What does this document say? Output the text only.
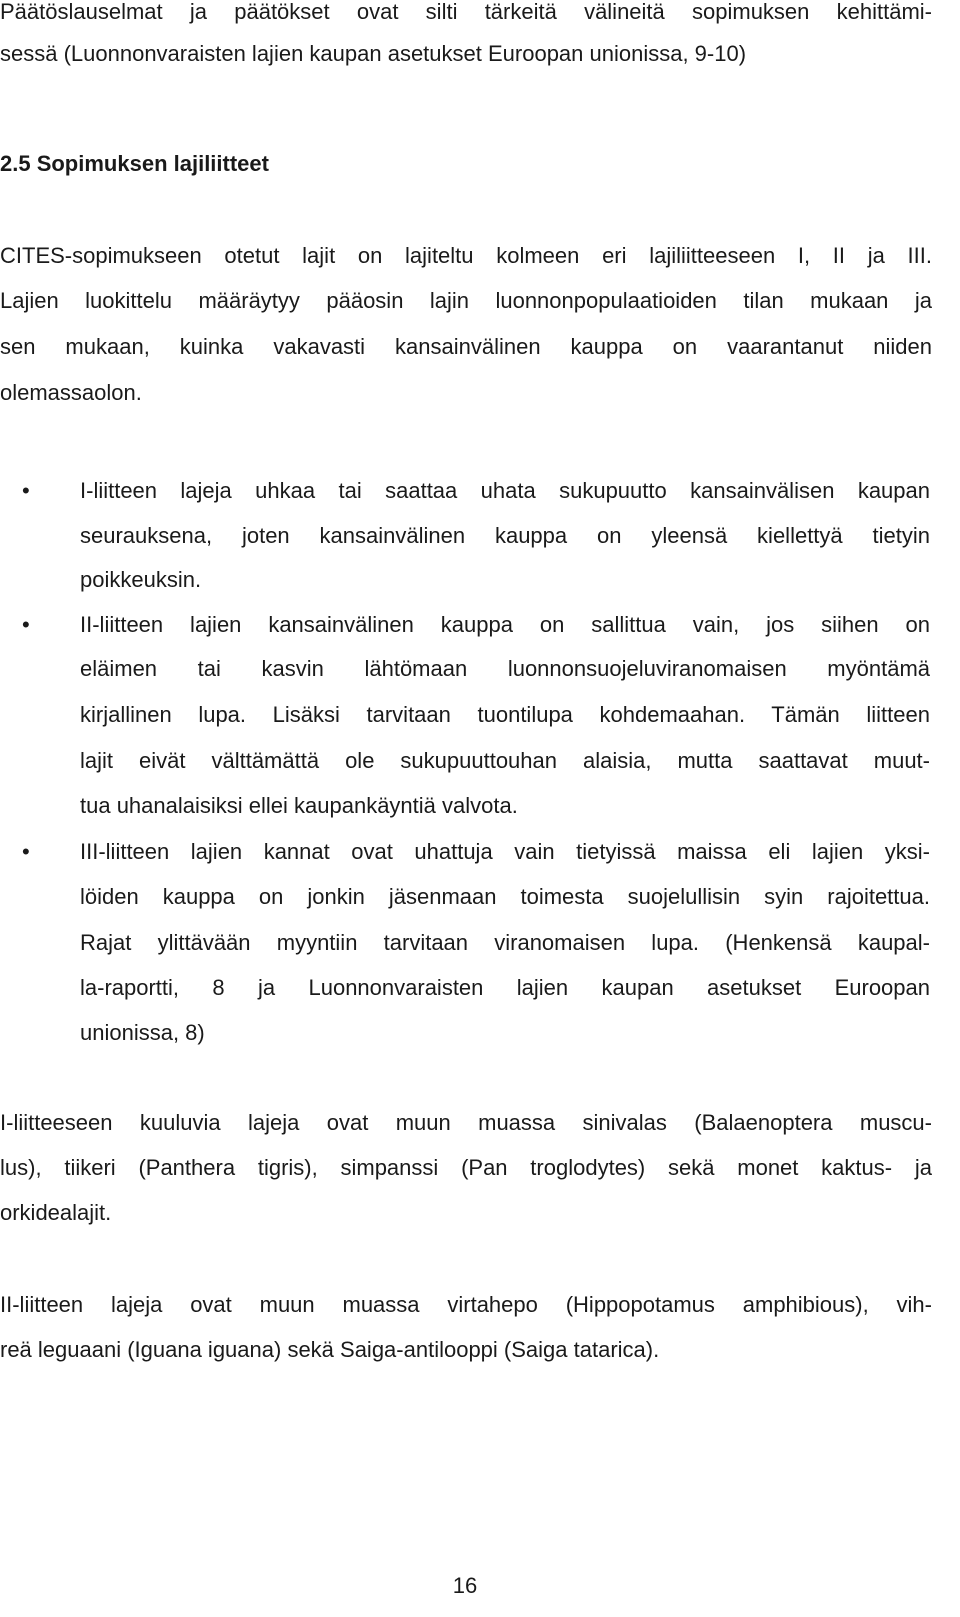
Päätöslauselmat ja päätökset ovat silti tärkeitä välineitä sopimuksen kehittämi-
sessä (Luonnonvaraisten lajien kaupan asetukset Euroopan unionissa, 9-10)
2.5 Sopimuksen lajiliitteet
CITES-sopimukseen otetut lajit on lajiteltu kolmeen eri lajiliitteeseen I, II ja III.
Lajien luokittelu määräytyy pääosin lajin luonnonpopulaatioiden tilan mukaan ja
sen mukaan, kuinka vakavasti kansainvälinen kauppa on vaarantanut niiden
olemassaolon.
•	I-liitteen lajeja uhkaa tai saattaa uhata sukupuutto kansainvälisen kaupan
seurauksena, joten kansainvälinen kauppa on yleensä kiellettyä tietyin
poikkeuksin.
•	II-liitteen lajien kansainvälinen kauppa on sallittua vain, jos siihen on
eläimen tai kasvin lähtömaan luonnonsuojeluviranomaisen myöntämä
kirjallinen lupa. Lisäksi tarvitaan tuontilupa kohdemaahan. Tämän liitteen
lajit eivät välttämättä ole sukupuuttouhan alaisia, mutta saattavat muut-
tua uhanalaisiksi ellei kaupankäyntiä valvota.
•	III-liitteen lajien kannat ovat uhattuja vain tietyissä maissa eli lajien yksi-
löiden kauppa on jonkin jäsenmaan toimesta suojelullisin syin rajoitettua.
Rajat ylittävään myyntiin tarvitaan viranomaisen lupa. (Henkensä kaupal-
la-raportti, 8 ja Luonnonvaraisten lajien kaupan asetukset Euroopan
unionissa, 8)
I-liitteeseen kuuluvia lajeja ovat muun muassa sinivalas (Balaenoptera muscu-
lus), tiikeri (Panthera tigris), simpanssi (Pan troglodytes) sekä monet kaktus- ja
orkidealajit.
II-liitteen lajeja ovat muun muassa virtahepo (Hippopotamus amphibious), vih-
reä leguaani (Iguana iguana) sekä Saiga-antilooppi (Saiga tatarica).
16
